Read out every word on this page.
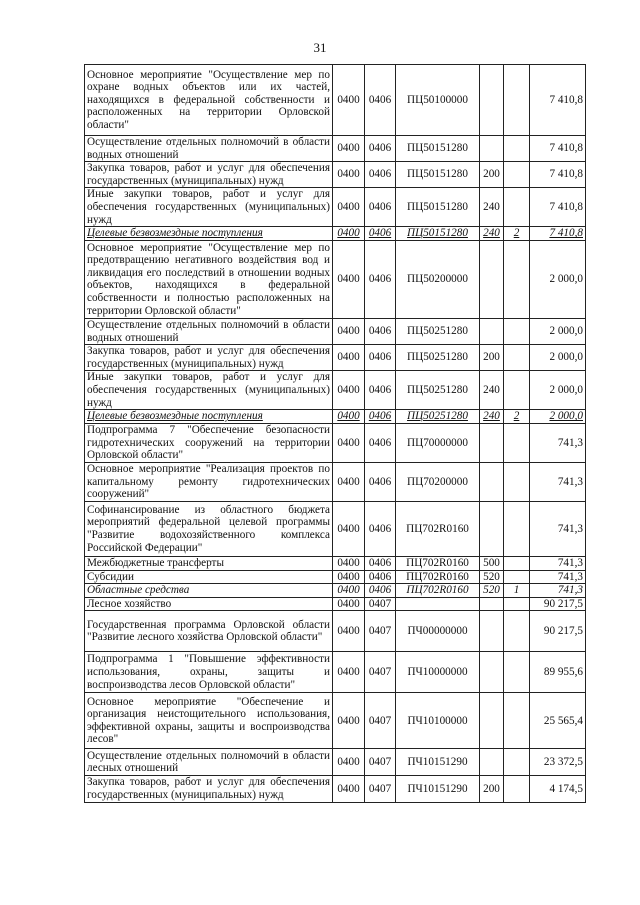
31
Основное мероприятие "Осуществление мер по охране водных объектов или их частей, находящихся в федеральной собственности и расположенных на территории Орловской области"	0400	0406	ПЦ50100000			7 410,8
Осуществление отдельных полномочий в области водных отношений	0400	0406	ПЦ50151280			7 410,8
Закупка товаров, работ и услуг для обеспечения государственных (муниципальных) нужд	0400	0406	ПЦ50151280	200		7 410,8
Иные закупки товаров, работ и услуг для обеспечения государственных (муниципальных) нужд	0400	0406	ПЦ50151280	240		7 410,8
Целевые безвозмездные поступления	0400	0406	ПЦ50151280	240	2	7 410,8
Основное мероприятие "Осуществление мер по предотвращению негативного воздействия вод и ликвидация его последствий в отношении водных объектов, находящихся в федеральной собственности и полностью расположенных на территории Орловской области"	0400	0406	ПЦ50200000			2 000,0
Осуществление отдельных полномочий в области водных отношений	0400	0406	ПЦ50251280			2 000,0
Закупка товаров, работ и услуг для обеспечения государственных (муниципальных) нужд	0400	0406	ПЦ50251280	200		2 000,0
Иные закупки товаров, работ и услуг для обеспечения государственных (муниципальных) нужд	0400	0406	ПЦ50251280	240		2 000,0
Целевые безвозмездные поступления	0400	0406	ПЦ50251280	240	2	2 000,0
Подпрограмма 7 "Обеспечение безопасности гидротехнических сооружений на территории Орловской области"	0400	0406	ПЦ70000000			741,3
Основное мероприятие "Реализация проектов по капитальному ремонту гидротехнических сооружений"	0400	0406	ПЦ70200000			741,3
Софинансирование из областного бюджета мероприятий федеральной целевой программы "Развитие водохозяйственного комплекса Российской Федерации"	0400	0406	ПЦ702R0160			741,3
Межбюджетные трансферты	0400	0406	ПЦ702R0160	500		741,3
Субсидии	0400	0406	ПЦ702R0160	520		741,3
Областные средства	0400	0406	ПЦ702R0160	520	1	741,3
Лесное хозяйство	0400	0407				90 217,5
Государственная программа Орловской области "Развитие лесного хозяйства Орловской области"	0400	0407	ПЧ00000000			90 217,5
Подпрограмма 1 "Повышение эффективности использования, охраны, защиты и воспроизводства лесов Орловской области"	0400	0407	ПЧ10000000			89 955,6
Основное мероприятие "Обеспечение и организация неистощительного использования, эффективной охраны, защиты и воспроизводства лесов"	0400	0407	ПЧ10100000			25 565,4
Осуществление отдельных полномочий в области лесных отношений	0400	0407	ПЧ10151290			23 372,5
Закупка товаров, работ и услуг для обеспечения государственных (муниципальных) нужд	0400	0407	ПЧ10151290	200		4 174,5
